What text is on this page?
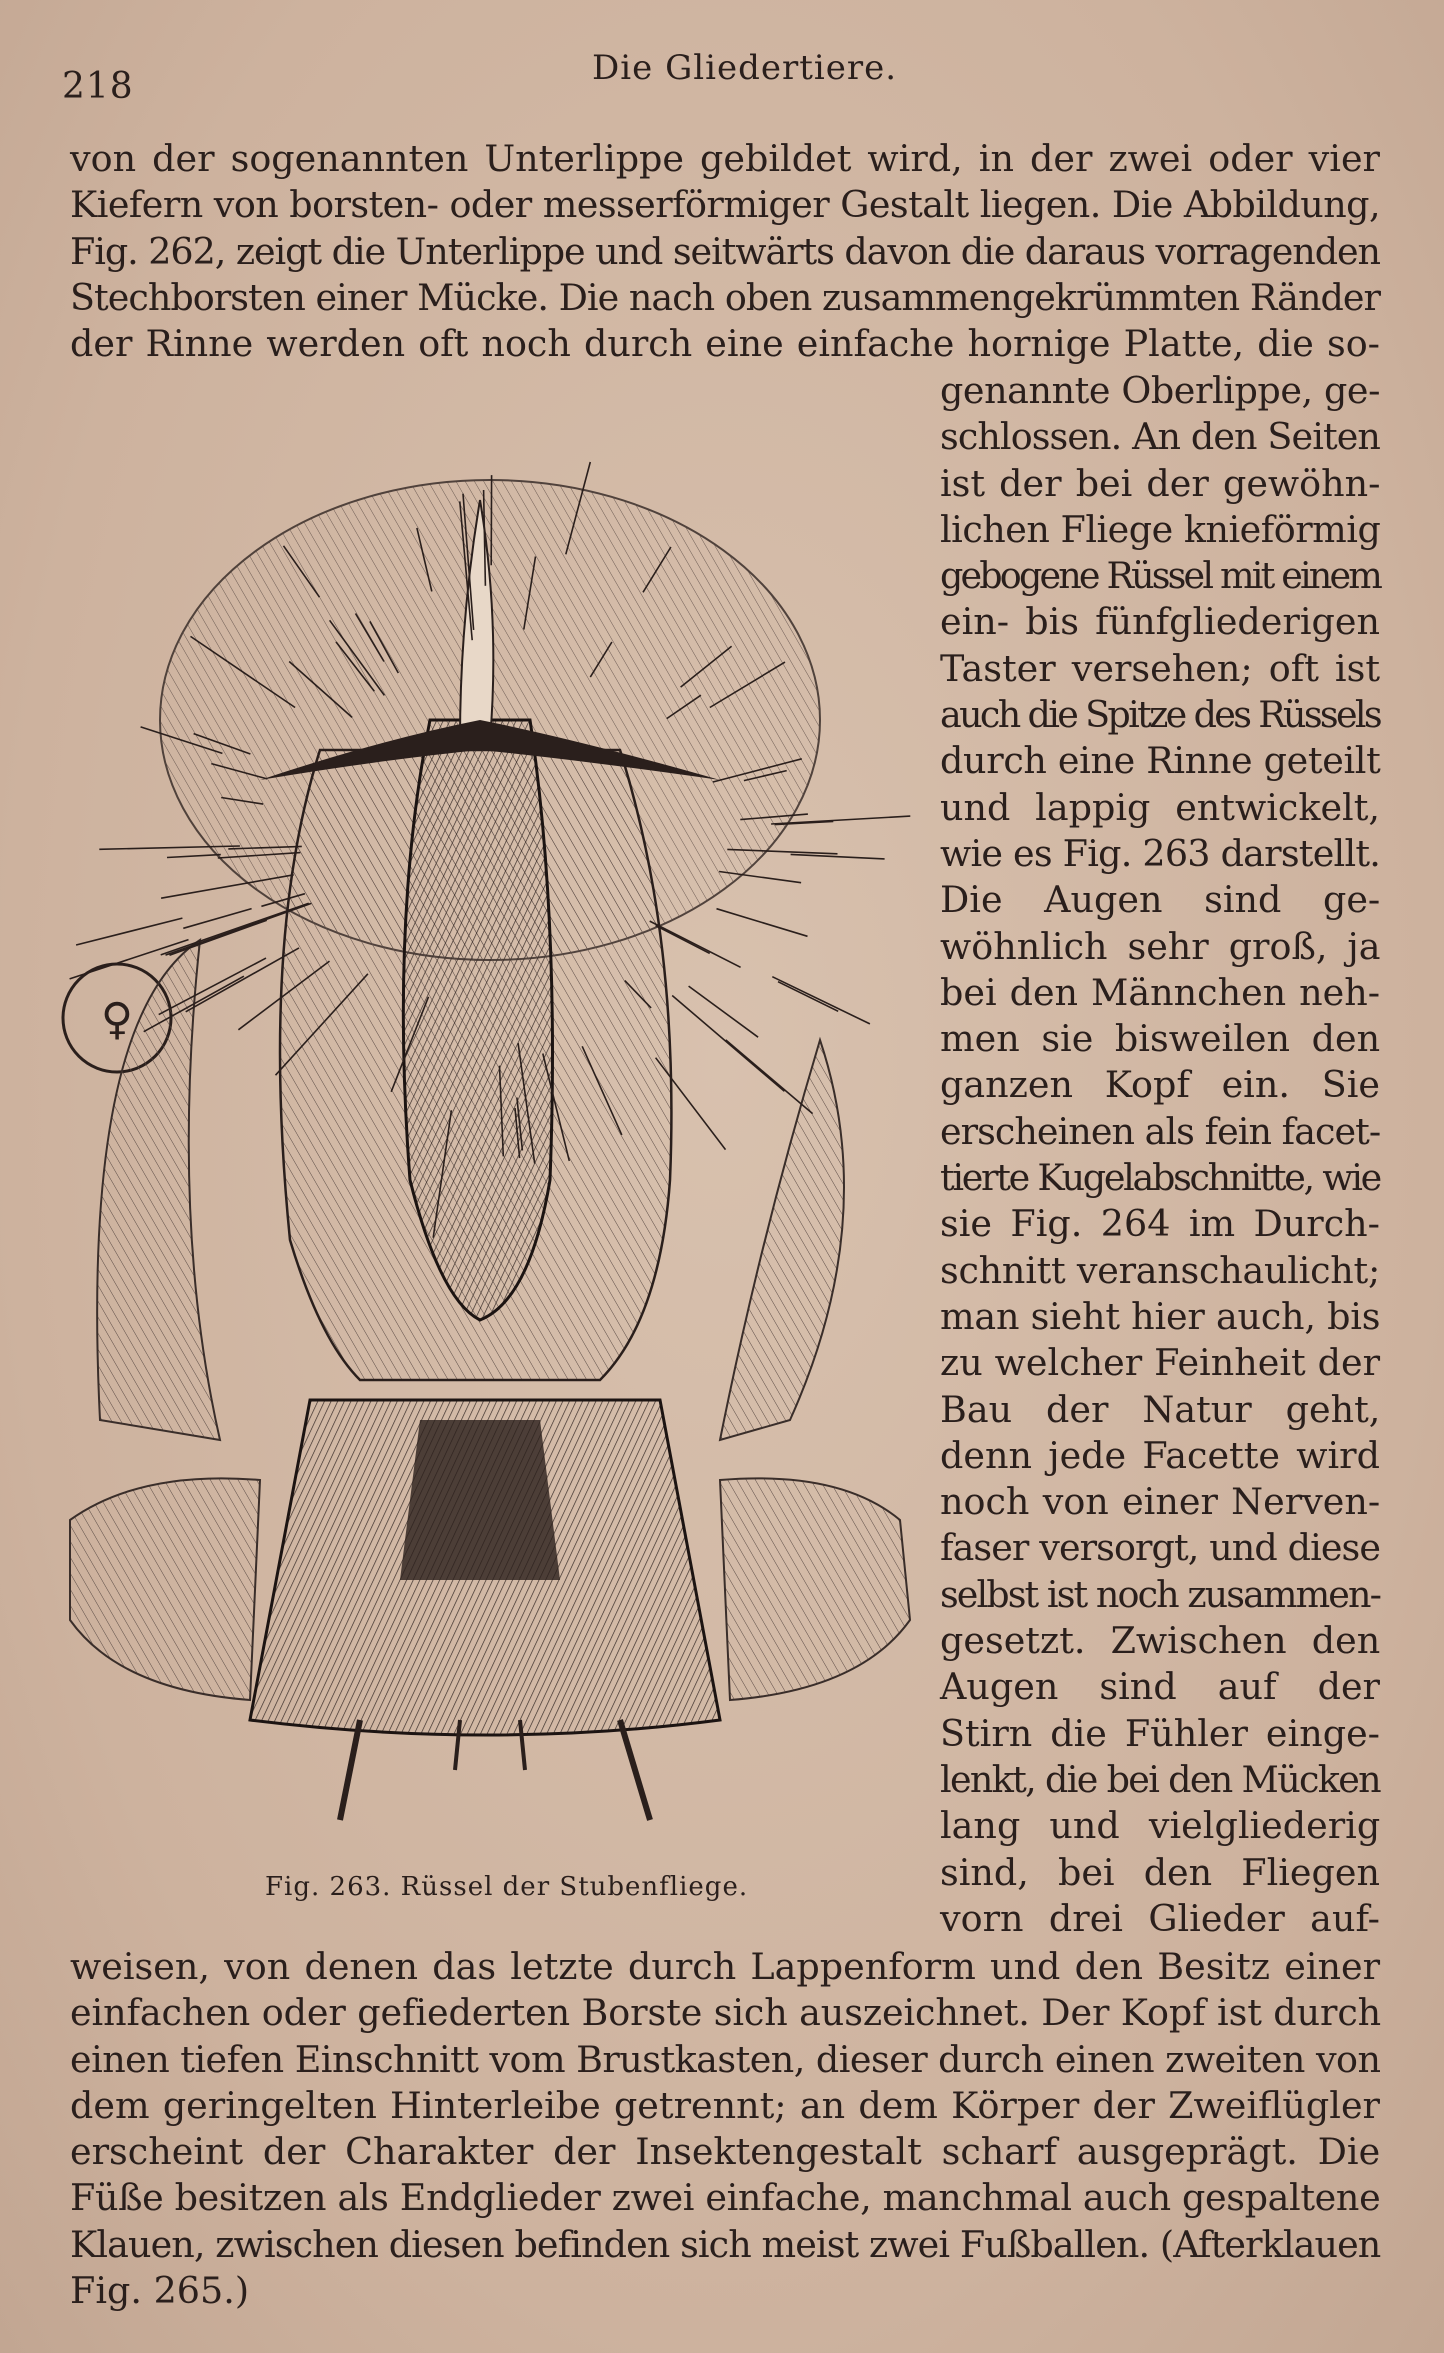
218	Die Gliedertiere.
von der sogenannten Unterlippe gebildet wird, in der zwei oder vier
Kiefern von borsten- oder messerförmiger Gestalt liegen. Die Abbildung,
Fig. 262, zeigt die Unterlippe und seitwärts davon die daraus vorragenden
Stechborsten einer Mücke. Die nach oben zusammengekrümmten Ränder
der Rinne werden oft noch durch eine einfache hornige Platte, die so-
genannte Oberlippe, ge-
schlossen. An den Seiten
ist der bei der gewöhn-
lichen Fliege knieförmig
gebogene Rüssel mit einem
ein- bis fünfgliederigen
Taster versehen; oft ist
auch die Spitze des Rüssels
durch eine Rinne geteilt
und lappig entwickelt,
wie es Fig. 263 darstellt.
Die Augen sind ge-
wöhnlich sehr groß, ja
bei den Männchen neh-
men sie bisweilen den
ganzen Kopf ein. Sie
erscheinen als fein facet-
tierte Kugelabschnitte, wie
sie Fig. 264 im Durch-
schnitt veranschaulicht;
man sieht hier auch, bis
zu welcher Feinheit der
Bau der Natur geht,
denn jede Facette wird
noch von einer Nerven-
faser versorgt, und diese
selbst ist noch zusammen-
gesetzt. Zwischen den
Augen sind auf der
Stirn die Fühler einge-
lenkt, die bei den Mücken
lang und vielgliederig
sind, bei den Fliegen
vorn drei Glieder auf-
♀
Fig. 263. Rüssel der Stubenfliege.
weisen, von denen das letzte durch Lappenform und den Besitz einer
einfachen oder gefiederten Borste sich auszeichnet. Der Kopf ist durch
einen tiefen Einschnitt vom Brustkasten, dieser durch einen zweiten von
dem geringelten Hinterleibe getrennt; an dem Körper der Zweiflügler
erscheint der Charakter der Insektengestalt scharf ausgeprägt. Die
Füße besitzen als Endglieder zwei einfache, manchmal auch gespaltene
Klauen, zwischen diesen befinden sich meist zwei Fußballen. (Afterklauen
Fig. 265.)
